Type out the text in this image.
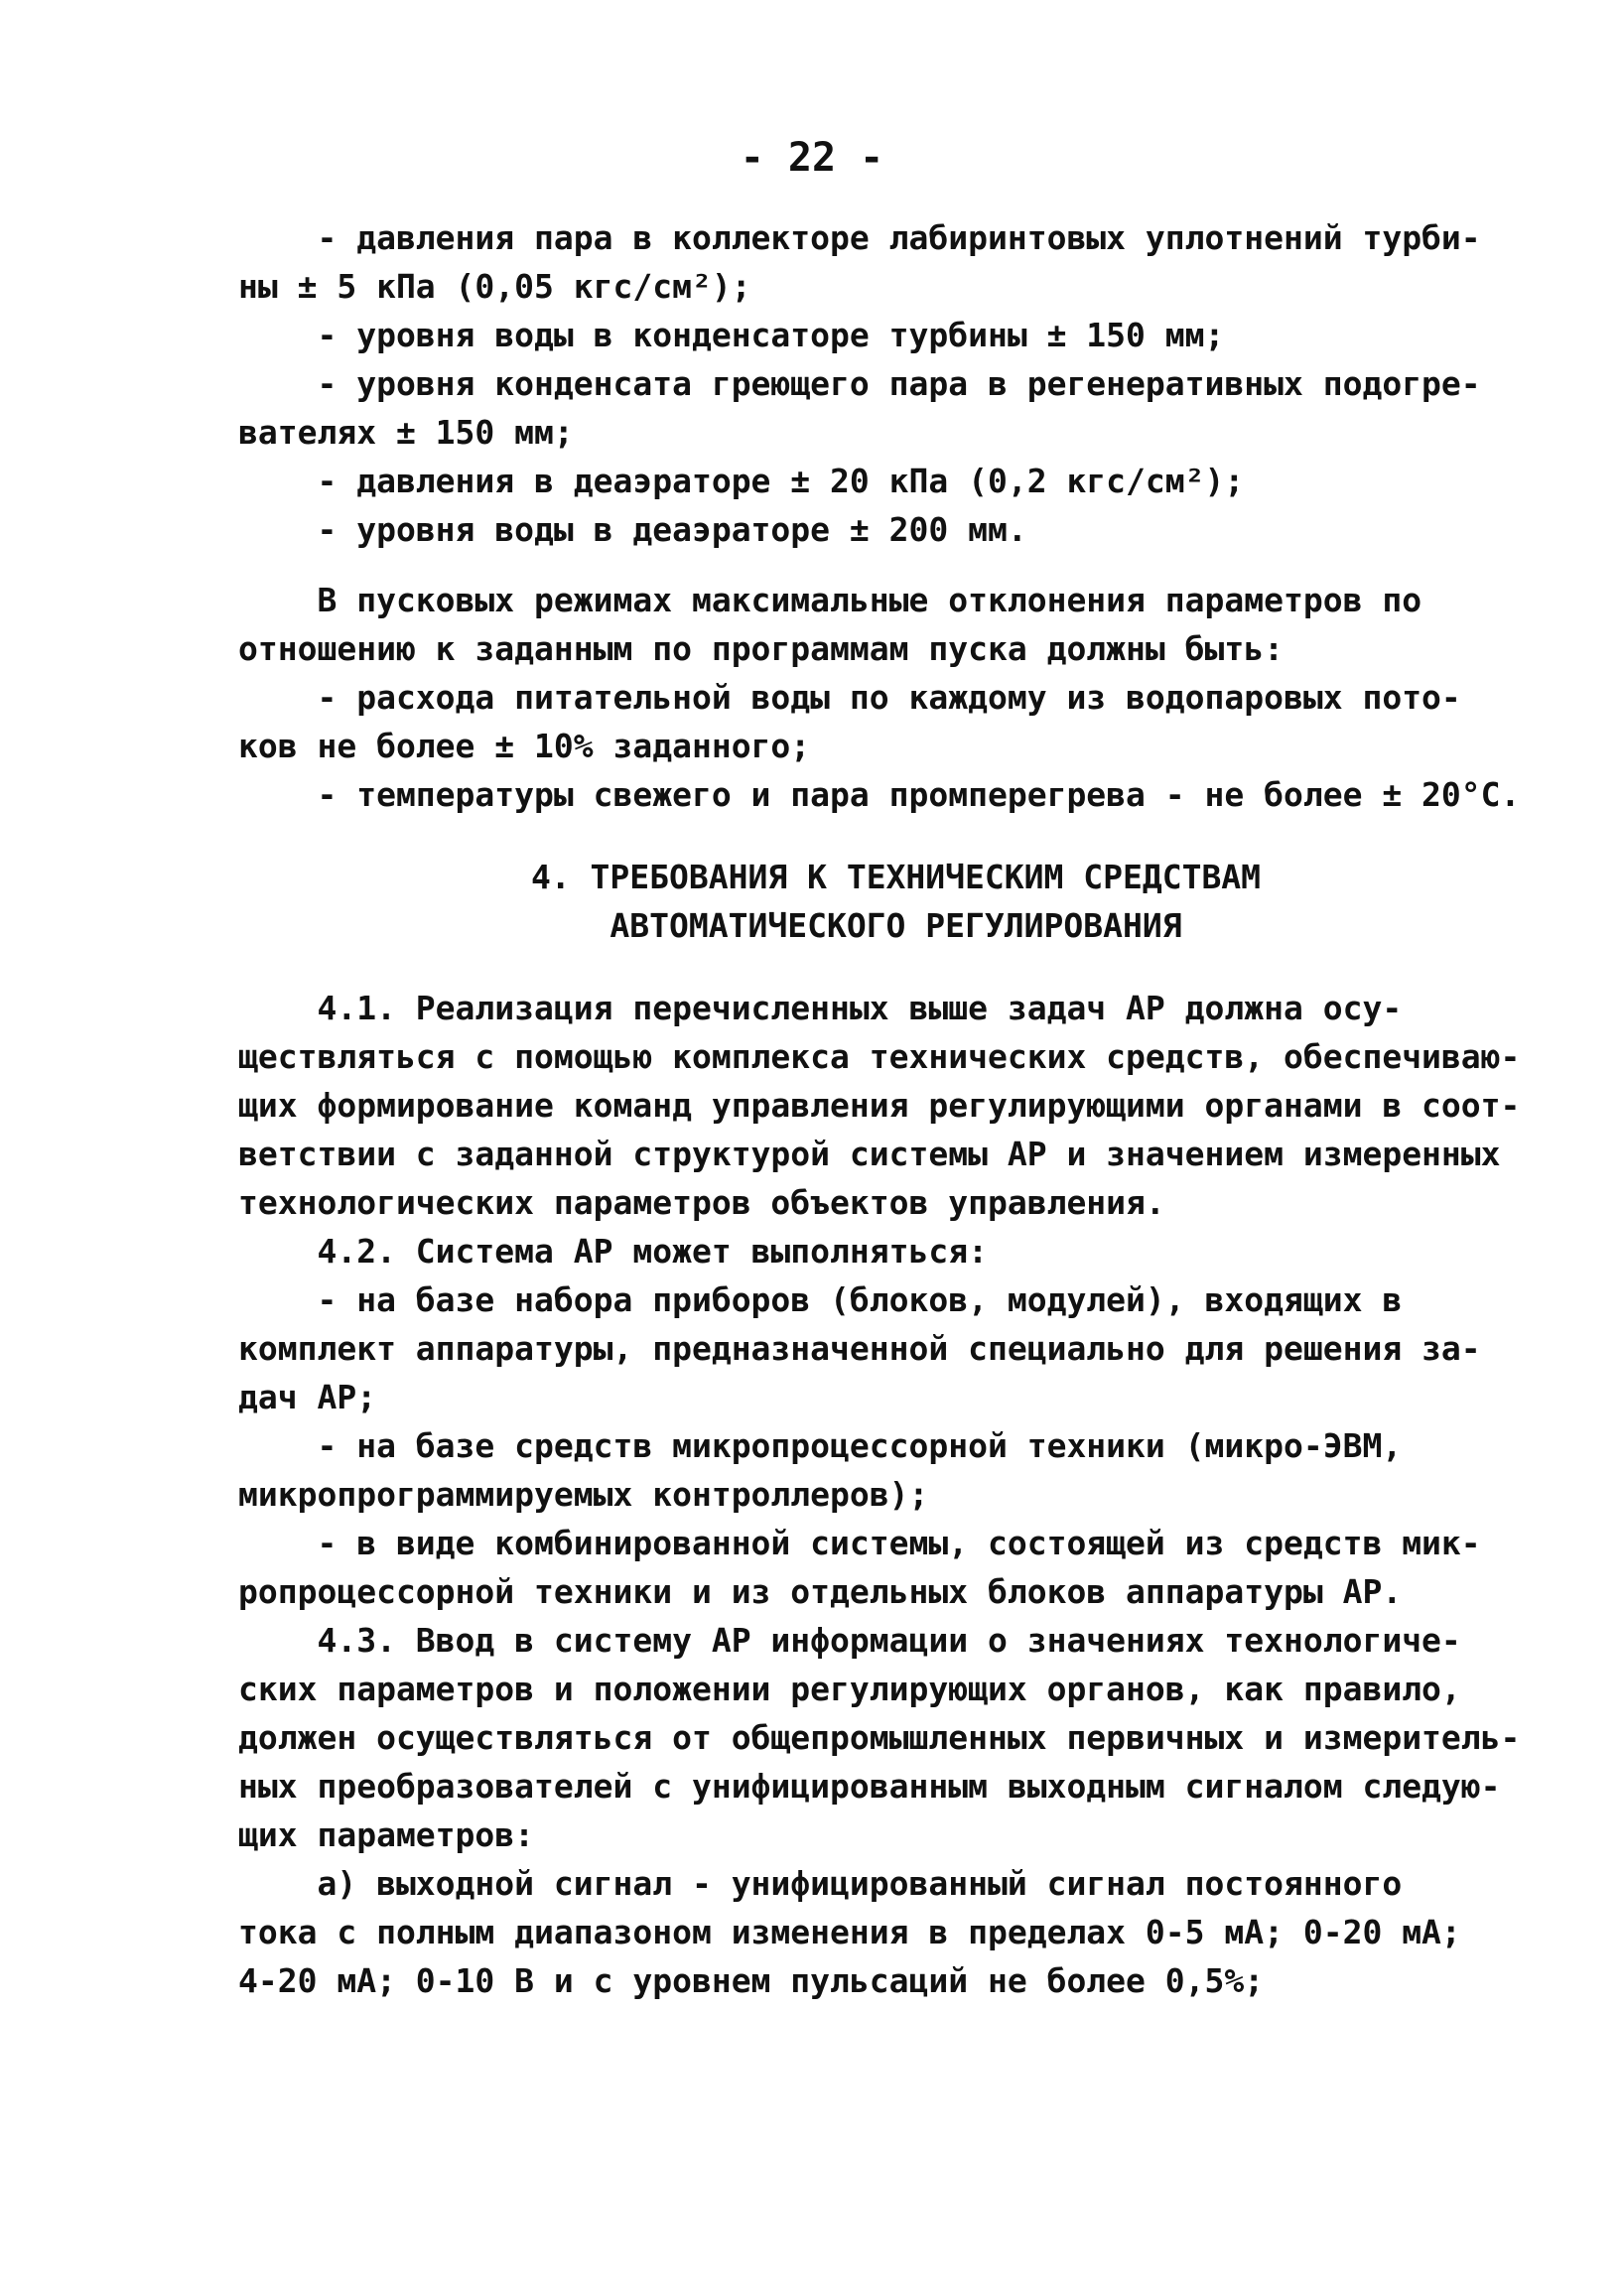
- 22 -
- давления пара в коллекторе лабиринтовых уплотнений турби-
ны ± 5 кПа (0,05 кгс/см²);
- уровня воды в конденсаторе турбины ± 150 мм;
- уровня конденсата греющего пара в регенеративных подогре-
вателях ± 150 мм;
- давления в деаэраторе ± 20 кПа (0,2 кгс/см²);
- уровня воды в деаэраторе ± 200 мм.
В пусковых режимах максимальные отклонения параметров по
отношению к заданным по программам пуска должны быть:
- расхода питательной воды по каждому из водопаровых пото-
ков не более ± 10% заданного;
- температуры свежего и пара промперегрева - не более ± 20°С.
4. ТРЕБОВАНИЯ К ТЕХНИЧЕСКИМ СРЕДСТВАМ
АВТОМАТИЧЕСКОГО РЕГУЛИРОВАНИЯ
4.1. Реализация перечисленных выше задач АР должна осу-
ществляться с помощью комплекса технических средств, обеспечиваю-
щих формирование команд управления регулирующими органами в соот-
ветствии с заданной структурой системы АР и значением измеренных
технологических параметров объектов управления.
4.2. Система АР может выполняться:
- на базе набора приборов (блоков, модулей), входящих в
комплект аппаратуры, предназначенной специально для решения за-
дач АР;
- на базе средств микропроцессорной техники (микро-ЭВМ,
микропрограммируемых контроллеров);
- в виде комбинированной системы, состоящей из средств мик-
ропроцессорной техники и из отдельных блоков аппаратуры АР.
4.3. Ввод в систему АР информации о значениях технологиче-
ских параметров и положении регулирующих органов, как правило,
должен осуществляться от общепромышленных первичных и измеритель-
ных преобразователей с унифицированным выходным сигналом следую-
щих параметров:
а) выходной сигнал - унифицированный сигнал постоянного
тока с полным диапазоном изменения в пределах 0-5 мА; 0-20 мА;
4-20 мА; 0-10 В и с уровнем пульсаций не более 0,5%;
